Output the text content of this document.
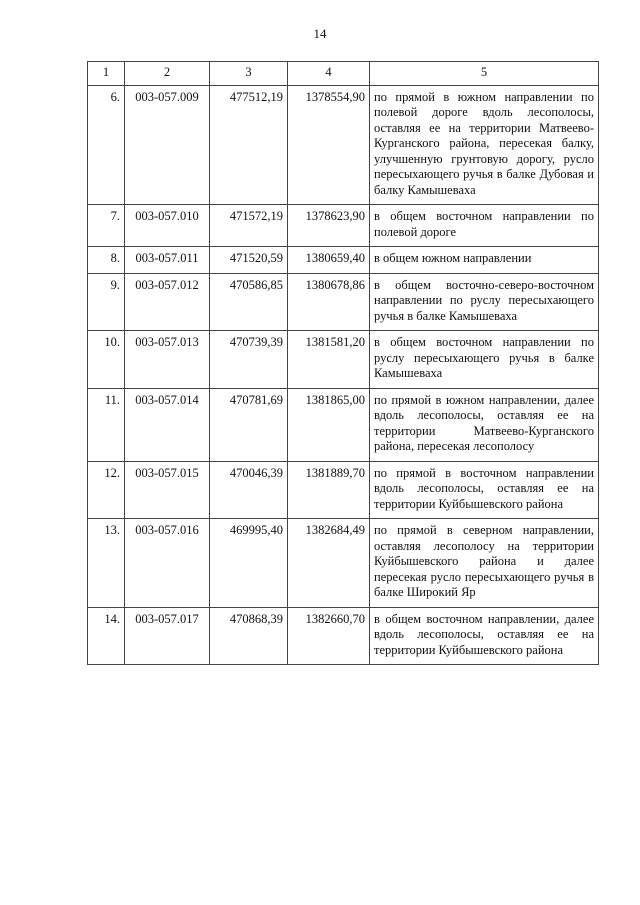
14
1	2	3	4	5
6.	003-057.009	477512,19	1378554,90	по прямой в южном направлении по полевой дороге вдоль лесополосы, оставляя ее на территории Матвеево-Курганского района, пересекая балку, улучшенную грунтовую дорогу, русло пересыхающего ручья в балке Дубовая и балку Камышеваха
7.	003-057.010	471572,19	1378623,90	в общем восточном направлении по полевой дороге
8.	003-057.011	471520,59	1380659,40	в общем южном направлении
9.	003-057.012	470586,85	1380678,86	в общем восточно-северо-восточном направлении по руслу пересыхающего ручья в балке Камышеваха
10.	003-057.013	470739,39	1381581,20	в общем восточном направлении по руслу пересыхающего ручья в балке Камышеваха
11.	003-057.014	470781,69	1381865,00	по прямой в южном направлении, далее вдоль лесополосы, оставляя ее на территории Матвеево-Курганского района, пересекая лесополосу
12.	003-057.015	470046,39	1381889,70	по прямой в восточном направлении вдоль лесополосы, оставляя ее на территории Куйбышевского района
13.	003-057.016	469995,40	1382684,49	по прямой в северном направлении, оставляя лесополосу на территории Куйбышевского района и далее пересекая русло пересыхающего ручья в балке Широкий Яр
14.	003-057.017	470868,39	1382660,70	в общем восточном направлении, далее вдоль лесополосы, оставляя ее на территории Куйбышевского района
